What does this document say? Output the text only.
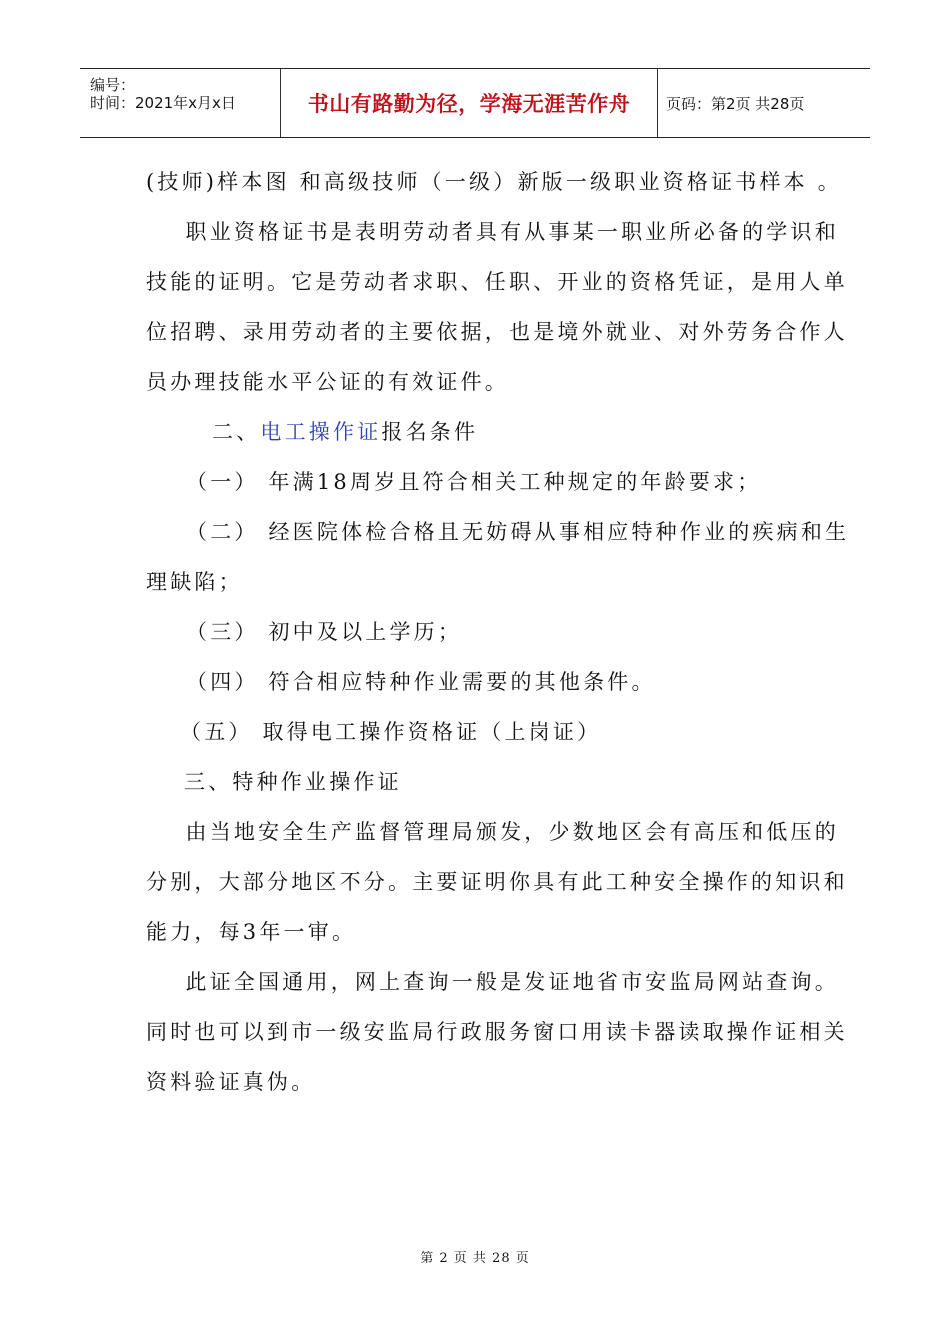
编号：
时间：2021年x月x日	书山有路勤为径，学海无涯苦作舟 页码：第2页 共28页
(技师)样本图 和高级技师（一级）新版一级职业资格证书样本 。
职业资格证书是表明劳动者具有从事某一职业所必备的学识和
技能的证明。它是劳动者求职、任职、开业的资格凭证，是用人单
位招聘、录用劳动者的主要依据，也是境外就业、对外劳务合作人
员办理技能水平公证的有效证件。
二、电工操作证报名条件
（一） 年满18周岁且符合相关工种规定的年龄要求；
（二） 经医院体检合格且无妨碍从事相应特种作业的疾病和生
理缺陷；
（三） 初中及以上学历；
（四） 符合相应特种作业需要的其他条件。
（五） 取得电工操作资格证（上岗证）
三、特种作业操作证
由当地安全生产监督管理局颁发，少数地区会有高压和低压的
分别，大部分地区不分。主要证明你具有此工种安全操作的知识和
能力，每3年一审。
此证全国通用，网上查询一般是发证地省市安监局网站查询。
同时也可以到市一级安监局行政服务窗口用读卡器读取操作证相关
资料验证真伪。
第 2 页 共 28 页
